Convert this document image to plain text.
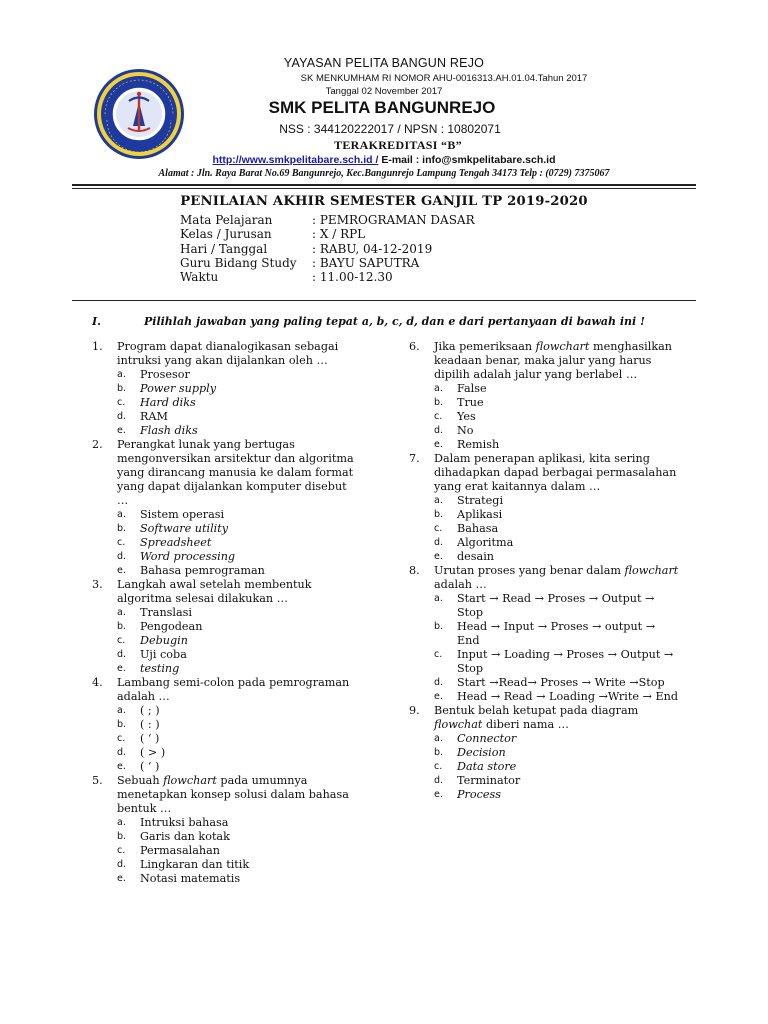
YAYASAN PELITA BANGUN REJO
SK MENKUMHAM RI NOMOR AHU-0016313.AH.01.04.Tahun 2017
Tanggal 02 November 2017
SMK PELITA BANGUNREJO
NSS : 344120222017 / NPSN : 10802071
TERAKREDITASI “B”
http://www.smkpelitabare.sch.id / E-mail : info@smkpelitabare.sch.id
Alamat : Jln. Raya Barat No.69 Bangunrejo, Kec.Bangunrejo Lampung Tengah 34173 Telp : (0729) 7375067
PENILAIAN AKHIR SEMESTER GANJIL TP 2019-2020
Mata Pelajaran	: PEMROGRAMAN DASAR
Kelas / Jurusan	: X / RPL
Hari / Tanggal	: RABU, 04-12-2019
Guru Bidang Study	: BAYU SAPUTRA
Waktu	: 11.00-12.30
I.	Pilihlah jawaban yang paling tepat a, b, c, d, dan e dari pertanyaan di bawah ini !
1.	Program dapat dianalogikasan sebagai intruksi yang akan dijalankan oleh …
a.	Prosesor
b.	Power supply
c.	Hard diks
d.	RAM
e.	Flash diks
2.	Perangkat lunak yang bertugas mengonversikan arsitektur dan algoritma yang dirancang manusia ke dalam format yang dapat dijalankan komputer disebut …
a.	Sistem operasi
b.	Software utility
c.	Spreadsheet
d.	Word processing
e.	Bahasa pemrograman
3.	Langkah awal setelah membentuk algoritma selesai dilakukan …
a.	Translasi
b.	Pengodean
c.	Debugin
d.	Uji coba
e.	testing
4.	Lambang semi-colon pada pemrograman adalah …
a.	( ; )
b.	( : )
c.	( ‘ )
d.	( > )
e.	( ‘ )
5.	Sebuah flowchart pada umumnya menetapkan konsep solusi dalam bahasa bentuk …
a.	Intruksi bahasa
b.	Garis dan kotak
c.	Permasalahan
d.	Lingkaran dan titik
e.	Notasi matematis
6.	Jika pemeriksaan flowchart menghasilkan keadaan benar, maka jalur yang harus dipilih adalah jalur yang berlabel …
a.	False
b.	True
c.	Yes
d.	No
e.	Remish
7.	Dalam penerapan aplikasi, kita sering dihadapkan dapad berbagai permasalahan yang erat kaitannya dalam …
a.	Strategi
b.	Aplikasi
c.	Bahasa
d.	Algoritma
e.	desain
8.	Urutan proses yang benar dalam flowchart adalah …
a.	Start → Read → Proses → Output → Stop
b.	Head → Input → Proses → output → End
c.	Input → Loading → Proses → Output → Stop
d.	Start →Read→ Proses → Write →Stop
e.	Head → Read → Loading →Write → End
9.	Bentuk belah ketupat pada diagram flowchat diberi nama …
a.	Connector
b.	Decision
c.	Data store
d.	Terminator
e.	Process
